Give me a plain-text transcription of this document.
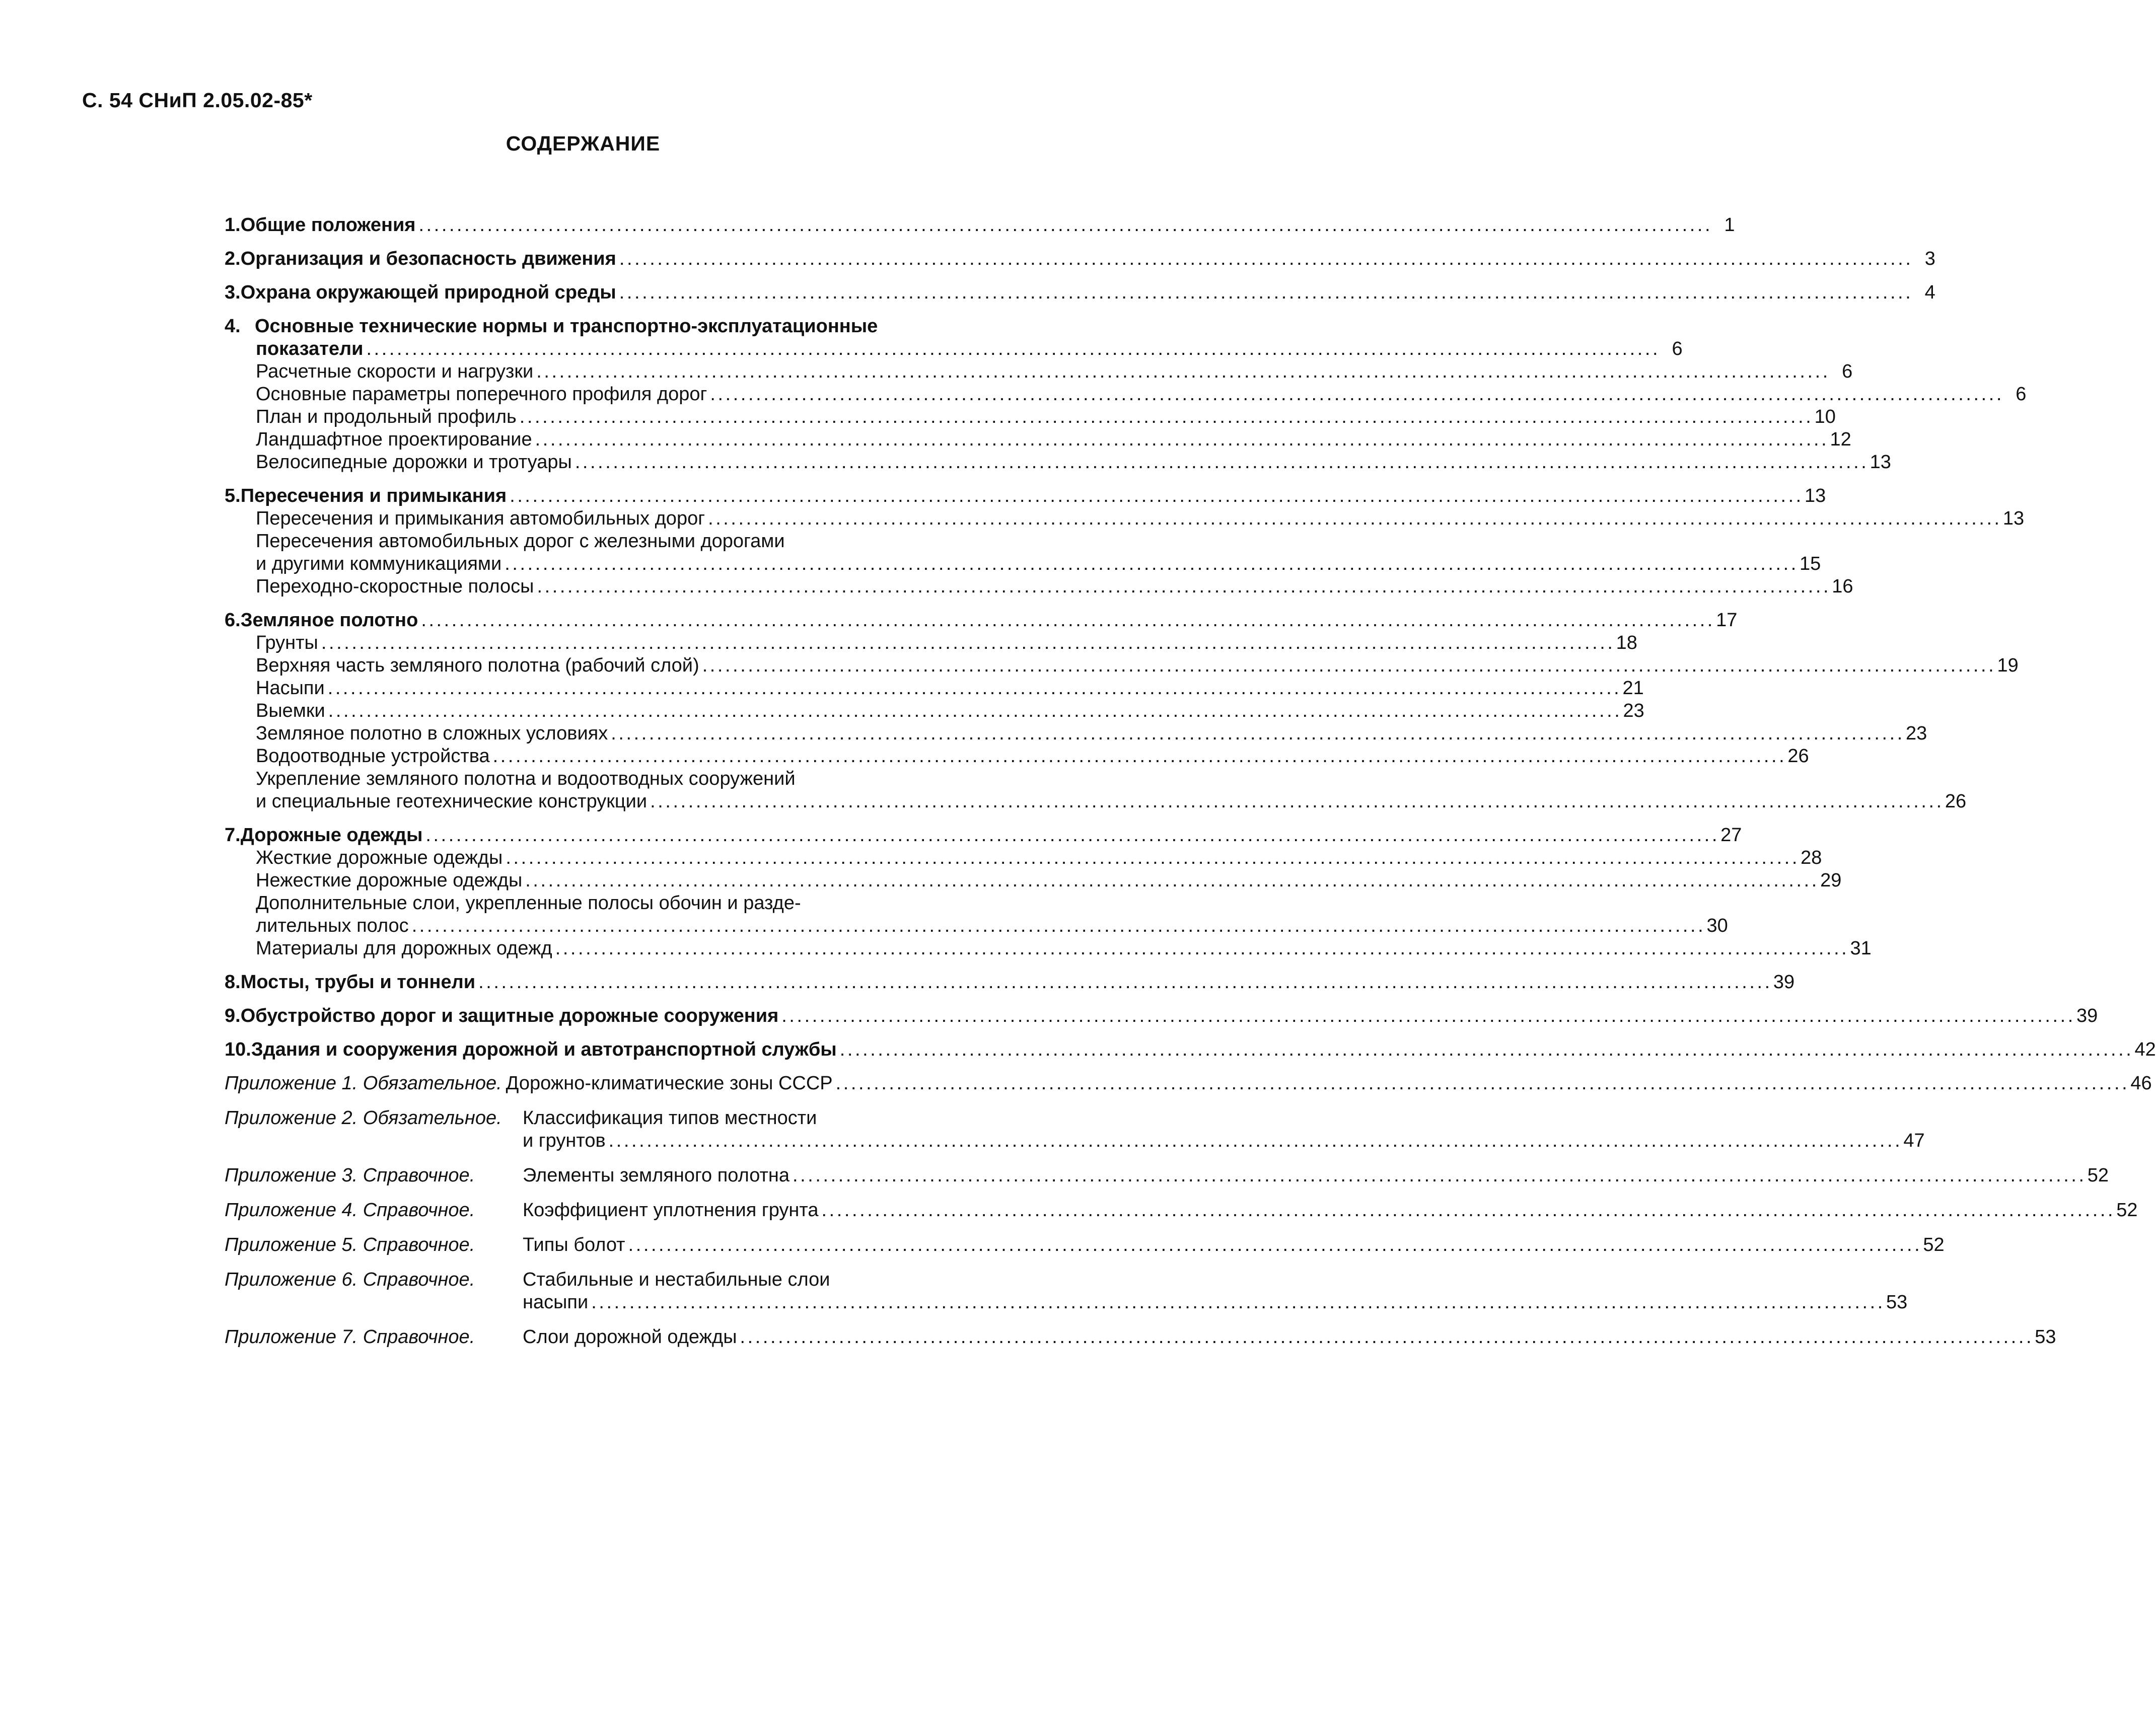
С. 54 СНиП 2.05.02-85*
СОДЕРЖАНИЕ
1. Общие положения . . .	1
2. Организация и безопасность движения . . .	3
3. Охрана окружающей природной среды . . .	4
4. Основные технические нормы и транспортно-эксплуатационные
показатели . . .	6
Расчетные скорости и нагрузки . . .	6
Основные параметры поперечного профиля дорог . . .	6
План и продольный профиль . . .	10
Ландшафтное проектирование . . .	12
Велосипедные дорожки и тротуары . . .	13
5. Пересечения и примыкания . . .	13
Пересечения и примыкания автомобильных дорог . . .	13
Пересечения автомобильных дорог с железными дорогами
и другими коммуникациями . . .	15
Переходно-скоростные полосы . . .	16
6. Земляное полотно . . .	17
Грунты . . .	18
Верхняя часть земляного полотна (рабочий слой) . . .	19
Насыпи . . .	21
Выемки . . .	23
Земляное полотно в сложных условиях . . .	23
Водоотводные устройства . . .	26
Укрепление земляного полотна и водоотводных сооружений
и специальные геотехнические конструкции . . .	26
7. Дорожные одежды . . .	27
Жесткие дорожные одежды . . .	28
Нежесткие дорожные одежды . . .	29
Дополнительные слои, укрепленные полосы обочин и разде-
лительных полос . . .	30
Материалы для дорожных одежд . . .	31
8. Мосты, трубы и тоннели . . .	39
9. Обустройство дорог и защитные дорожные сооружения . . .	39
10. Здания и сооружения дорожной и автотранспортной службы . . .	42
Приложение 1. Обязательное. Дорожно-климатические зоны СССР . . .	46
Приложение 2. Обязательное.	Классификация типов местности
и грунтов . . .	47
Приложение 3. Справочное.	Элементы земляного полотна . . .	52
Приложение 4. Справочное.	Коэффициент уплотнения грунта . . .	52
Приложение 5. Справочное.	Типы болот . . .	52
Приложение 6. Справочное.	Стабильные и нестабильные слои
насыпи . . .	53
Приложение 7. Справочное.	Слои дорожной одежды . . .	53
